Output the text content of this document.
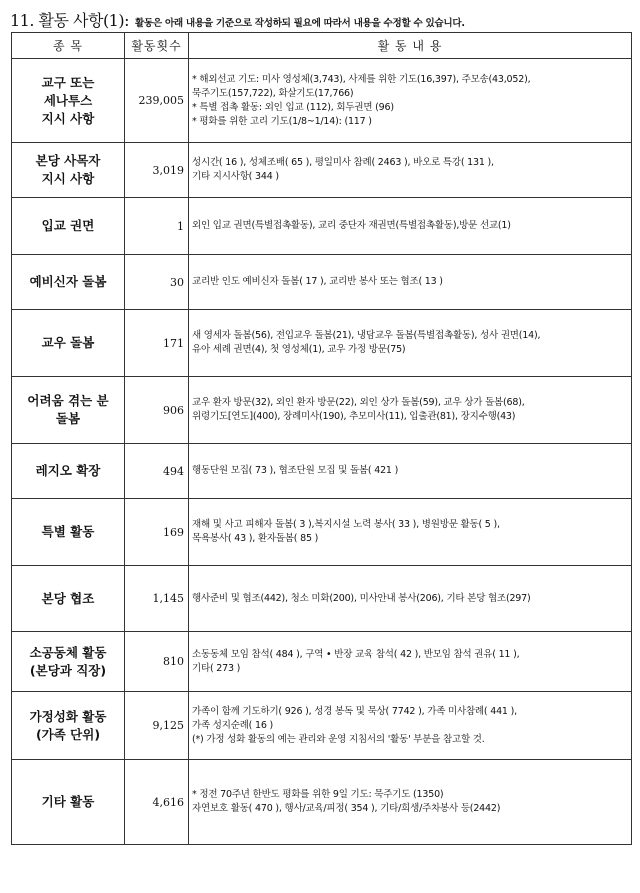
11. 활동 사항(1) : 활동은 아래 내용을 기준으로 작성하되 필요에 따라서 내용을 수정할 수 있습니다.
종 목	활동횟수	활 동 내 용

교구 또는
세나투스
지시 사항	239,005	* 해외선교 기도: 미사 영성체(3,743), 사제를 위한 기도(16,397), 주모송(43,052),
묵주기도(157,722), 화살기도(17,766)
* 특별 접촉 활동: 외인 입교 (112), 회두권면 (96)
* 평화를 위한 고리 기도(1/8~1/14): (117 )

본당 사목자
지시 사항	3,019	성시간( 16 ), 성체조배( 65 ), 평일미사 참례( 2463 ), 바오로 특강( 131 ),
기타 지시사항( 344 )

입교 권면	1	외인 입교 권면(특별접촉활동), 교리 중단자 재권면(특별접촉활동),방문 선교(1)

예비신자 돌봄	30	교리반 인도 예비신자 돌봄( 17 ), 교리반 봉사 또는 협조( 13 )

교우 돌봄	171	새 영세자 돌봄(56), 전입교우 돌봄(21), 냉담교우 돌봄(특별접촉활동), 성사 권면(14),
유아 세례 권면(4), 첫 영성체(1), 교우 가정 방문(75)

어려움 겪는 분
돌봄	906	교우 환자 방문(32), 외인 환자 방문(22), 외인 상가 돌봄(59), 교우 상가 돌봄(68),
위령기도[연도](400), 장례미사(190), 추모미사(11), 입출관(81), 장지수행(43)

레지오 확장	494	행동단원 모집( 73 ), 협조단원 모집 및 돌봄( 421 )

특별 활동	169	재해 및 사고 피해자 돌봄( 3 ),복지시설 노력 봉사( 33 ), 병원방문 활동( 5 ),
목욕봉사( 43 ), 환자돌봄( 85 )

본당 협조	1,145	행사준비 및 협조(442), 청소 미화(200), 미사안내 봉사(206), 기타 본당 협조(297)

소공동체 활동
(본당과 직장)	810	소동동체 모임 참석( 484 ), 구역 • 반장 교육 참석( 42 ), 반모임 참석 권유( 11 ),
기타( 273 )

가정성화 활동
(가족 단위)	9,125	가족이 함께 기도하기( 926 ), 성경 봉독 및 묵상( 7742 ), 가족 미사참례( 441 ),
가족 성지순례( 16 )
(*) 가정 성화 활동의 예는 관리와 운영 지침서의 '활동' 부분을 참고할 것.

기타 활동	4,616	* 정전 70주년 한반도 평화를 위한 9일 기도: 묵주기도 (1350)
자연보호 활동( 470 ), 행사/교육/피정( 354 ), 기타/희생/주차봉사 등(2442)
